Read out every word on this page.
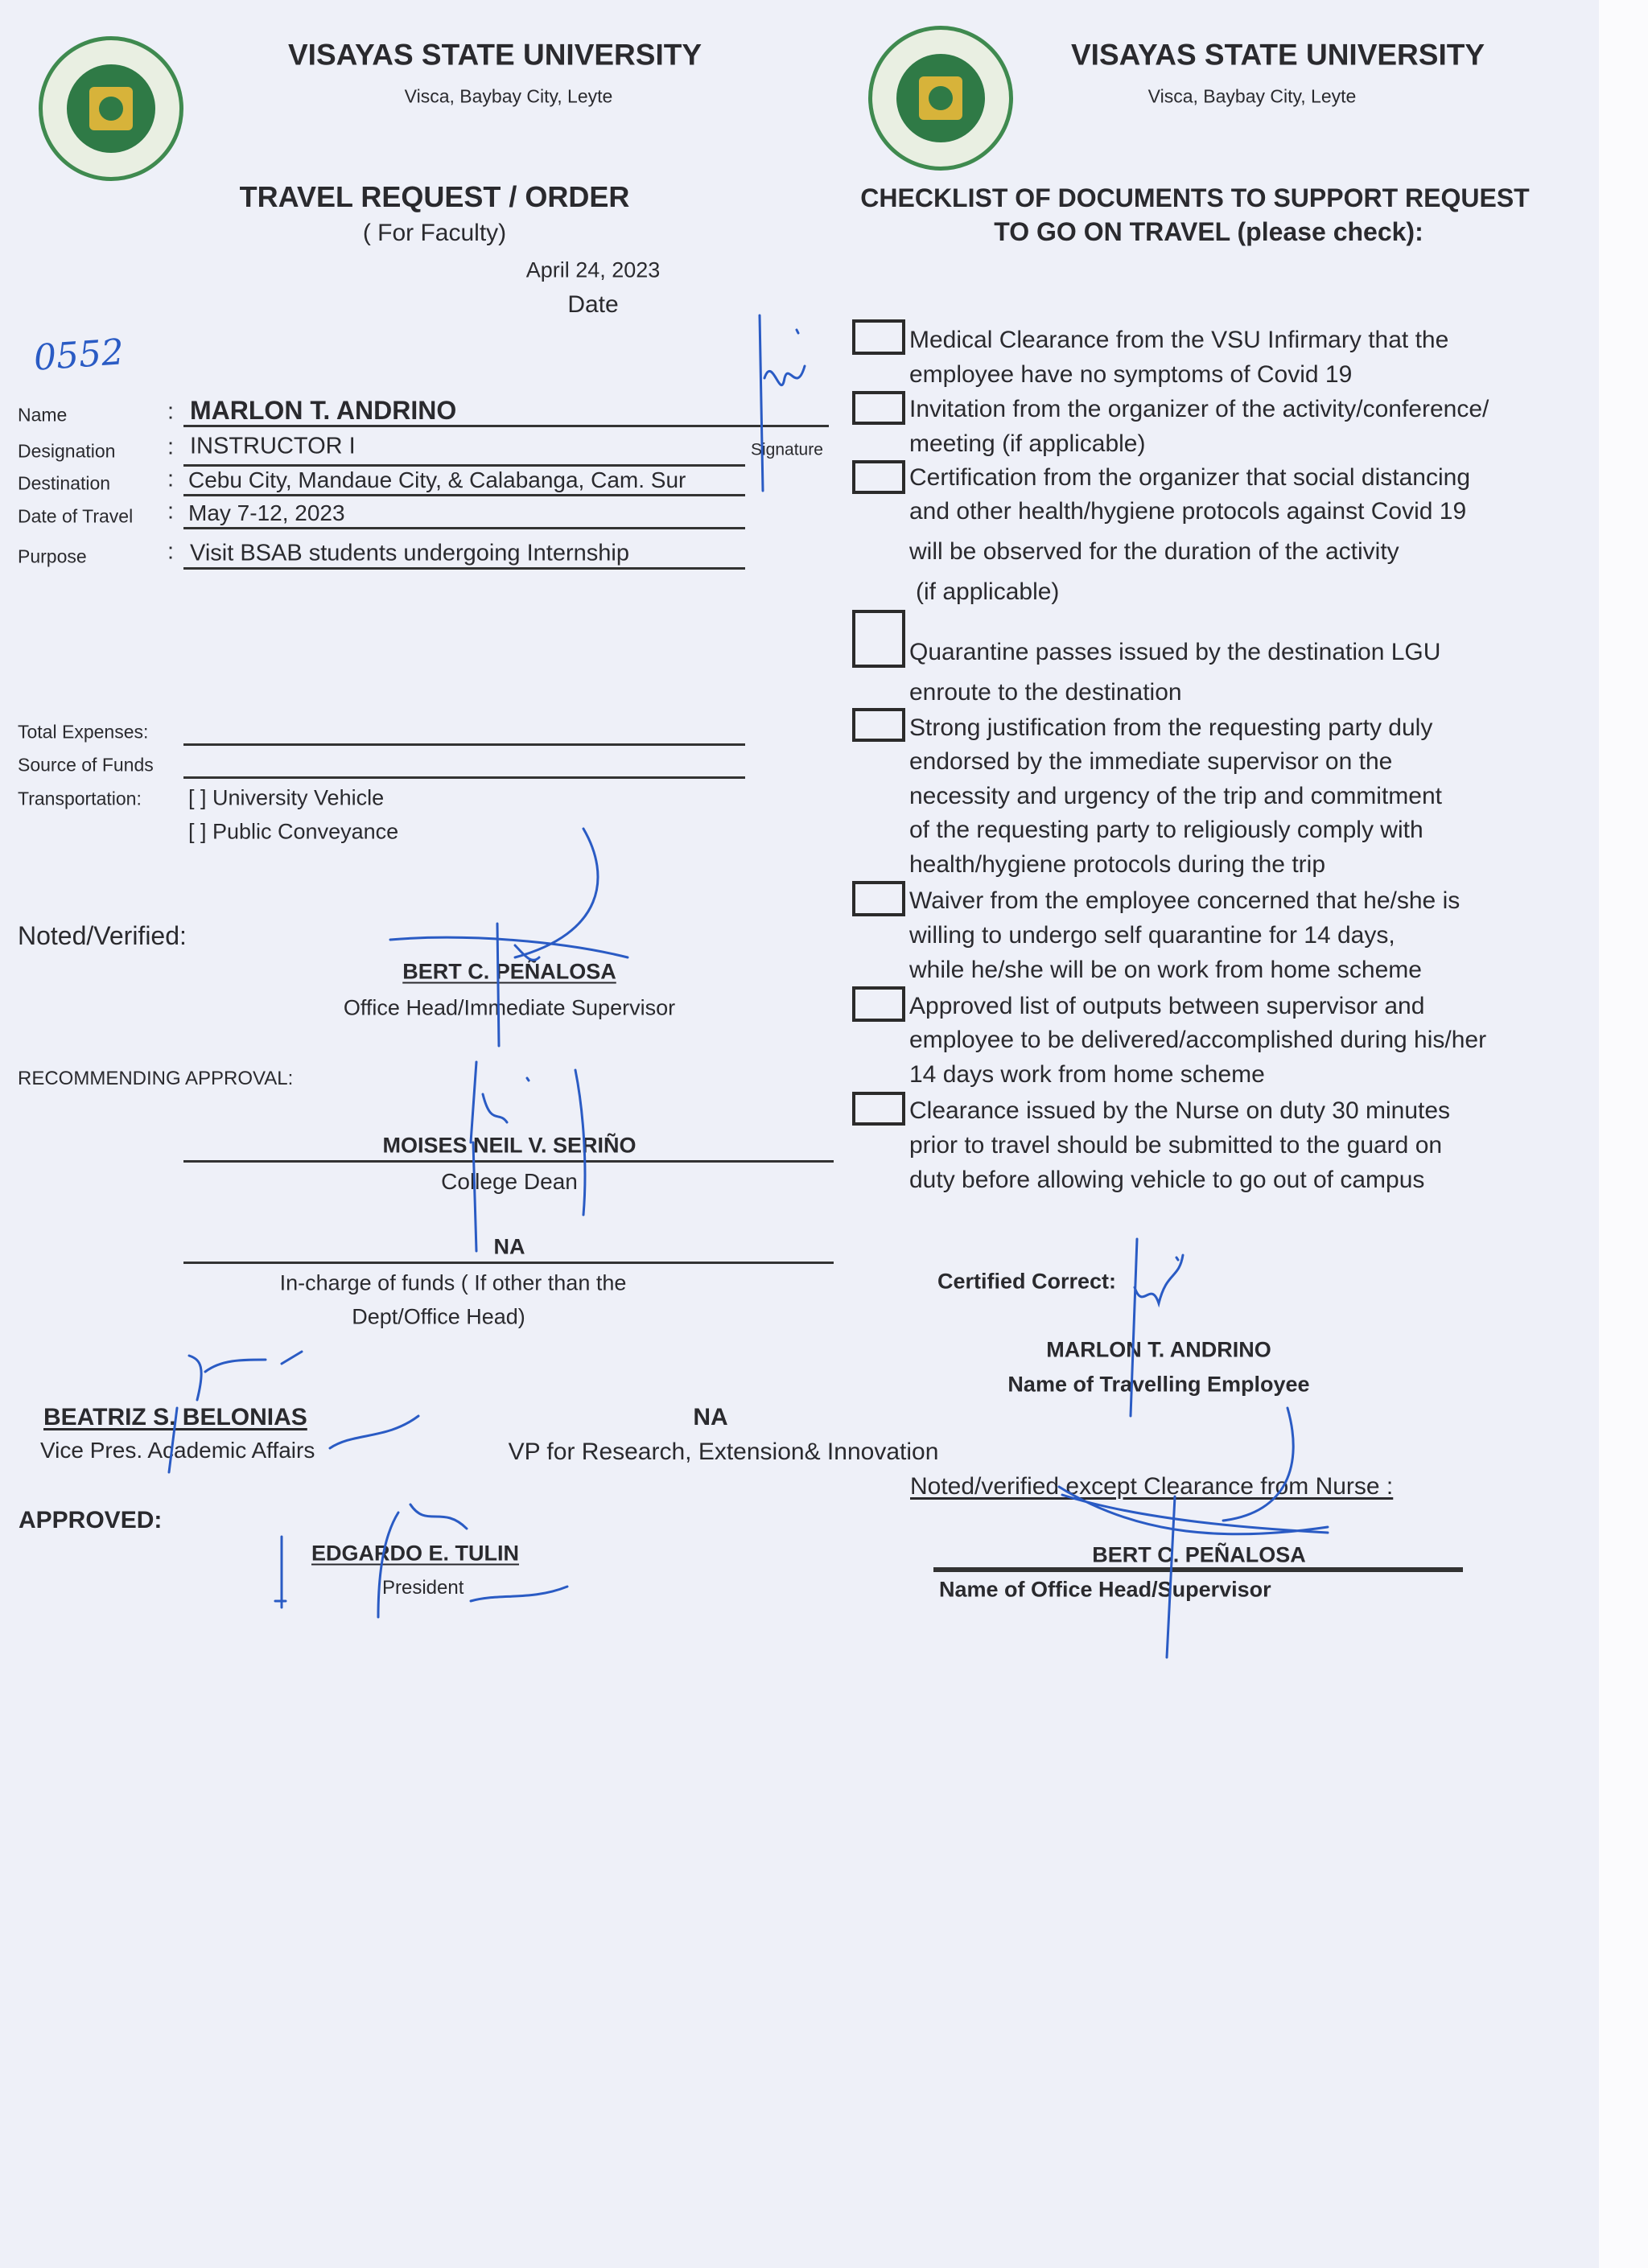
VISAYAS STATE UNIVERSITY
Visca, Baybay City, Leyte
TRAVEL REQUEST / ORDER
( For Faculty)
April 24, 2023
Date
0552
Name
Designation
Destination
Date of Travel
Purpose
:
:
:
:
:
MARLON T. ANDRINO
INSTRUCTOR I
Cebu City, Mandaue City, & Calabanga, Cam. Sur
May 7-12, 2023
Visit BSAB students undergoing Internship
Signature
Total Expenses:
Source of Funds
Transportation: [ ] University Vehicle
[ ] Public Conveyance
Noted/Verified:
BERT C. PEÑALOSA
Office Head/Immediate Supervisor
RECOMMENDING APPROVAL:
MOISES NEIL V. SERIÑO
College Dean
NA
In-charge of funds ( If other than the
Dept/Office Head)
BEATRIZ S. BELONIAS
Vice Pres. Academic Affairs
NA
VP for Research, Extension& Innovation
APPROVED:
EDGARDO E. TULIN
President
VISAYAS STATE UNIVERSITY
Visca, Baybay City, Leyte
CHECKLIST OF DOCUMENTS TO SUPPORT REQUEST
TO GO ON TRAVEL (please check):
Medical Clearance from the VSU Infirmary that the
employee have no symptoms of Covid 19
Invitation from the organizer of the activity/conference/
meeting (if applicable)
Certification from the organizer that social distancing
and other health/hygiene protocols against Covid 19
will be observed for the duration of the activity
(if applicable)
Quarantine passes issued by the destination LGU
enroute to the destination
Strong justification from the requesting party duly
endorsed by the immediate supervisor on the
necessity and urgency of the trip and commitment
of the requesting party to religiously comply with
health/hygiene protocols during the trip
Waiver from the employee concerned that he/she is
willing to undergo self quarantine for 14 days,
while he/she will be on work from home scheme
Approved list of outputs between supervisor and
employee to be delivered/accomplished during his/her
14 days work from home scheme
Clearance issued by the Nurse on duty 30 minutes
prior to travel should be submitted to the guard on
duty before allowing vehicle to go out of campus
Certified Correct:
MARLON T. ANDRINO
Name of Travelling Employee
Noted/verified except Clearance from Nurse :
BERT C. PEÑALOSA
Name of Office Head/Supervisor
